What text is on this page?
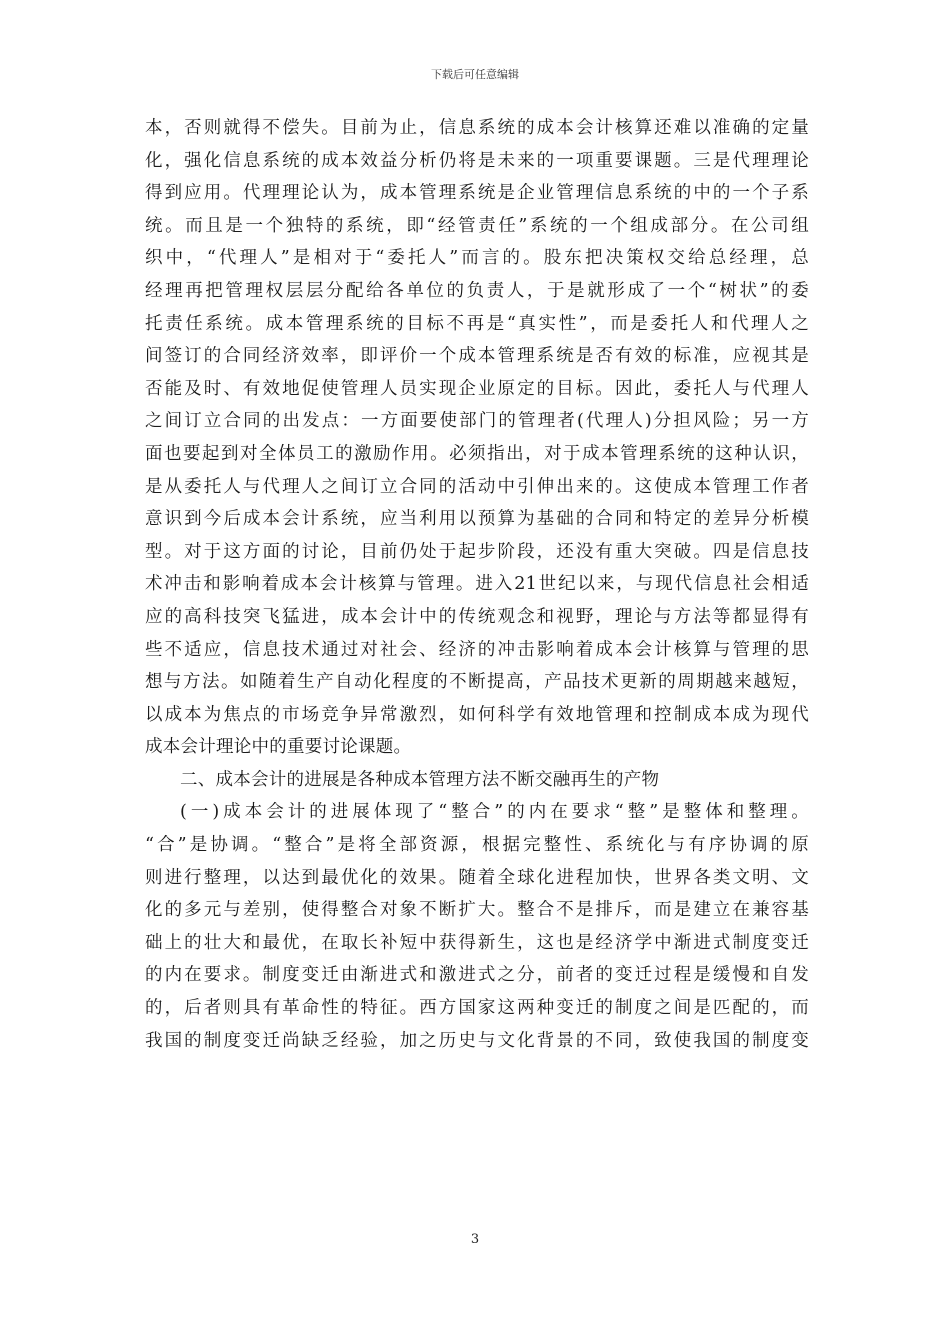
下载后可任意编辑
本，否则就得不偿失。目前为止，信息系统的成本会计核算还难以准确的定量
化，强化信息系统的成本效益分析仍将是未来的一项重要课题。三是代理理论
得到应用。代理理论认为，成本管理系统是企业管理信息系统的中的一个子系
统。而且是一个独特的系统，即“经管责任”系统的一个组成部分。在公司组
织中，“代理人”是相对于“委托人”而言的。股东把决策权交给总经理，总
经理再把管理权层层分配给各单位的负责人，于是就形成了一个“树状”的委
托责任系统。成本管理系统的目标不再是“真实性”，而是委托人和代理人之
间签订的合同经济效率，即评价一个成本管理系统是否有效的标准，应视其是
否能及时、有效地促使管理人员实现企业原定的目标。因此，委托人与代理人
之间订立合同的出发点：一方面要使部门的管理者(代理人)分担风险；另一方
面也要起到对全体员工的激励作用。必须指出，对于成本管理系统的这种认识，
是从委托人与代理人之间订立合同的活动中引伸出来的。这使成本管理工作者
意识到今后成本会计系统，应当利用以预算为基础的合同和特定的差异分析模
型。对于这方面的讨论，目前仍处于起步阶段，还没有重大突破。四是信息技
术冲击和影响着成本会计核算与管理。进入21世纪以来，与现代信息社会相适
应的高科技突飞猛进，成本会计中的传统观念和视野，理论与方法等都显得有
些不适应，信息技术通过对社会、经济的冲击影响着成本会计核算与管理的思
想与方法。如随着生产自动化程度的不断提高，产品技术更新的周期越来越短，
以成本为焦点的市场竞争异常激烈，如何科学有效地管理和控制成本成为现代
成本会计理论中的重要讨论课题。
二、成本会计的进展是各种成本管理方法不断交融再生的产物
(一)成本会计的进展体现了“整合”的内在要求“整”是整体和整理。
“合”是协调。“整合”是将全部资源，根据完整性、系统化与有序协调的原
则进行整理，以达到最优化的效果。随着全球化进程加快，世界各类文明、文
化的多元与差别，使得整合对象不断扩大。整合不是排斥，而是建立在兼容基
础上的壮大和最优，在取长补短中获得新生，这也是经济学中渐进式制度变迁
的内在要求。制度变迁由渐进式和激进式之分，前者的变迁过程是缓慢和自发
的，后者则具有革命性的特征。西方国家这两种变迁的制度之间是匹配的，而
我国的制度变迁尚缺乏经验，加之历史与文化背景的不同，致使我国的制度变
3
